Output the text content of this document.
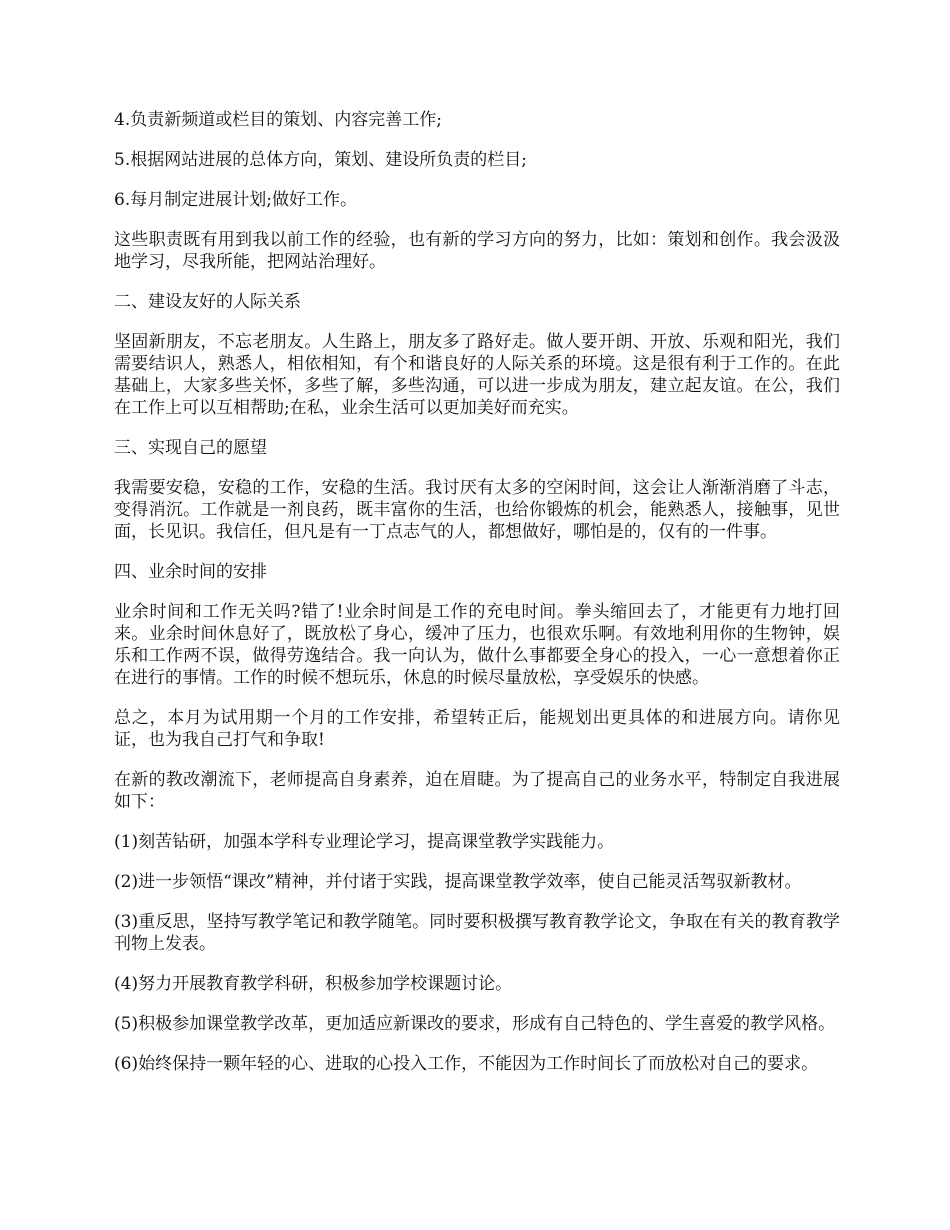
4.负责新频道或栏目的策划、内容完善工作;

5.根据网站进展的总体方向，策划、建设所负责的栏目;

6.每月制定进展计划;做好工作。

这些职责既有用到我以前工作的经验，也有新的学习方向的努力，比如：策划和创作。我会汲汲地学习，尽我所能，把网站治理好。

二、建设友好的人际关系

坚固新朋友，不忘老朋友。人生路上，朋友多了路好走。做人要开朗、开放、乐观和阳光，我们需要结识人，熟悉人，相依相知，有个和谐良好的人际关系的环境。这是很有利于工作的。在此基础上，大家多些关怀，多些了解，多些沟通，可以进一步成为朋友，建立起友谊。在公，我们在工作上可以互相帮助;在私，业余生活可以更加美好而充实。

三、实现自己的愿望

我需要安稳，安稳的工作，安稳的生活。我讨厌有太多的空闲时间，这会让人渐渐消磨了斗志，变得消沉。工作就是一剂良药，既丰富你的生活，也给你锻炼的机会，能熟悉人，接触事，见世面，长见识。我信任，但凡是有一丁点志气的人，都想做好，哪怕是的，仅有的一件事。

四、业余时间的安排

业余时间和工作无关吗?错了!业余时间是工作的充电时间。拳头缩回去了，才能更有力地打回来。业余时间休息好了，既放松了身心，缓冲了压力，也很欢乐啊。有效地利用你的生物钟，娱乐和工作两不误，做得劳逸结合。我一向认为，做什么事都要全身心的投入，一心一意想着你正在进行的事情。工作的时候不想玩乐，休息的时候尽量放松，享受娱乐的快感。

总之，本月为试用期一个月的工作安排，希望转正后，能规划出更具体的和进展方向。请你见证，也为我自己打气和争取!

在新的教改潮流下，老师提高自身素养，迫在眉睫。为了提高自己的业务水平，特制定自我进展如下：

(1)刻苦钻研，加强本学科专业理论学习，提高课堂教学实践能力。

(2)进一步领悟“课改”精神，并付诸于实践，提高课堂教学效率，使自己能灵活驾驭新教材。

(3)重反思，坚持写教学笔记和教学随笔。同时要积极撰写教育教学论文，争取在有关的教育教学刊物上发表。

(4)努力开展教育教学科研，积极参加学校课题讨论。

(5)积极参加课堂教学改革，更加适应新课改的要求，形成有自己特色的、学生喜爱的教学风格。

(6)始终保持一颗年轻的心、进取的心投入工作，不能因为工作时间长了而放松对自己的要求。
